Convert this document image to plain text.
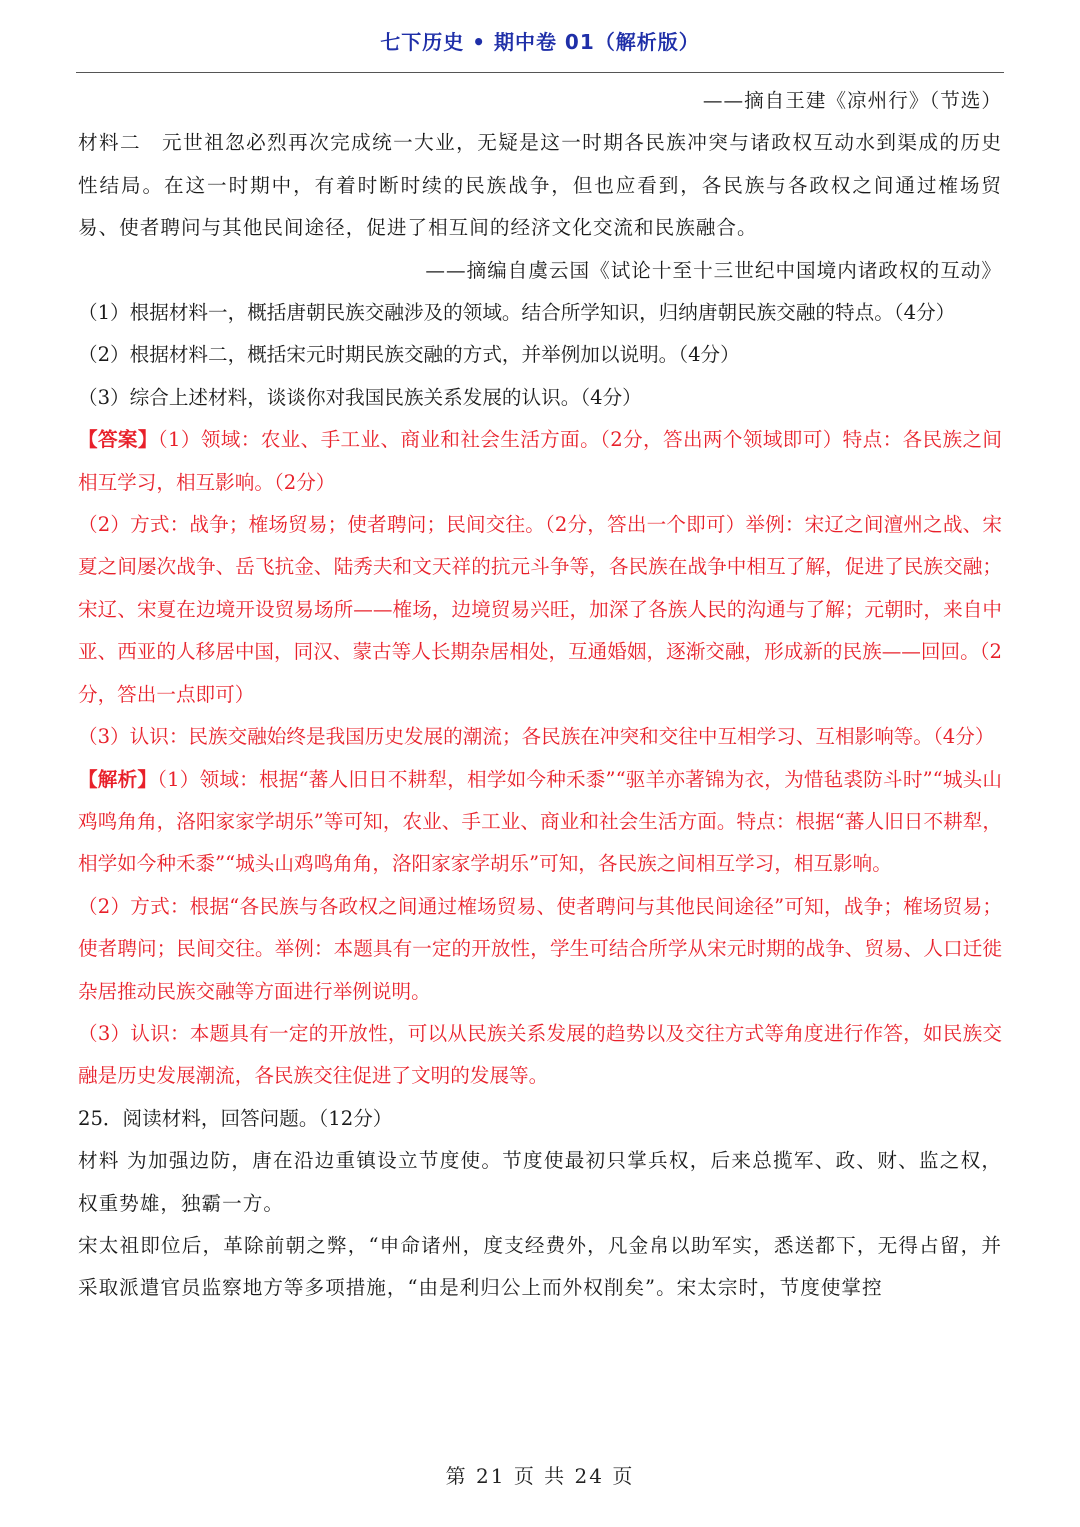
七下历史 • 期中卷 01（解析版）

——摘自王建《凉州行》（节选）

材料二　 元世祖忽必烈再次完成统一大业，无疑是这一时期各民族冲突与诸政权互动水到渠成的历史性结局。在这一时期中，有着时断时续的民族战争，但也应看到，各民族与各政权之间通过榷场贸易、使者聘问与其他民间途径，促进了相互间的经济文化交流和民族融合。

——摘编自虞云国《试论十至十三世纪中国境内诸政权的互动》

（1）根据材料一，概括唐朝民族交融涉及的领域。结合所学知识，归纳唐朝民族交融的特点。（4分）

（2）根据材料二，概括宋元时期民族交融的方式，并举例加以说明。（4分）

（3）综合上述材料，谈谈你对我国民族关系发展的认识。（4分）

【答案】（1）领域：农业、手工业、商业和社会生活方面。（2分，答出两个领域即可）特点：各民族之间相互学习，相互影响。（2分）

（2）方式：战争；榷场贸易；使者聘问；民间交往。（2分，答出一个即可）举例：宋辽之间澶州之战、宋夏之间屡次战争、岳飞抗金、陆秀夫和文天祥的抗元斗争等，各民族在战争中相互了解，促进了民族交融；宋辽、宋夏在边境开设贸易场所——榷场，边境贸易兴旺，加深了各族人民的沟通与了解；元朝时，来自中亚、西亚的人移居中国，同汉、蒙古等人长期杂居相处，互通婚姻，逐渐交融，形成新的民族——回回。（2分，答出一点即可）

（3）认识：民族交融始终是我国历史发展的潮流；各民族在冲突和交往中互相学习、互相影响等。（4分）

【解析】（1）领域：根据“蕃人旧日不耕犁，相学如今种禾黍”“驱羊亦著锦为衣，为惜毡裘防斗时”“城头山鸡鸣角角，洛阳家家学胡乐”等可知，农业、手工业、商业和社会生活方面。特点：根据“蕃人旧日不耕犁，相学如今种禾黍”“城头山鸡鸣角角，洛阳家家学胡乐”可知，各民族之间相互学习，相互影响。

（2）方式：根据“各民族与各政权之间通过榷场贸易、使者聘问与其他民间途径”可知，战争；榷场贸易；使者聘问；民间交往。举例：本题具有一定的开放性，学生可结合所学从宋元时期的战争、贸易、人口迁徙杂居推动民族交融等方面进行举例说明。

（3）认识：本题具有一定的开放性，可以从民族关系发展的趋势以及交往方式等角度进行作答，如民族交融是历史发展潮流，各民族交往促进了文明的发展等。

25．阅读材料，回答问题。（12分）

材料 为加强边防，唐在沿边重镇设立节度使。节度使最初只掌兵权，后来总揽军、政、财、监之权，权重势雄，独霸一方。

宋太祖即位后，革除前朝之弊，“申命诸州，度支经费外，凡金帛以助军实，悉送都下，无得占留，并采取派遣官员监察地方等多项措施，“由是利归公上而外权削矣”。宋太宗时，节度使掌控

第 21 页 共 24 页
